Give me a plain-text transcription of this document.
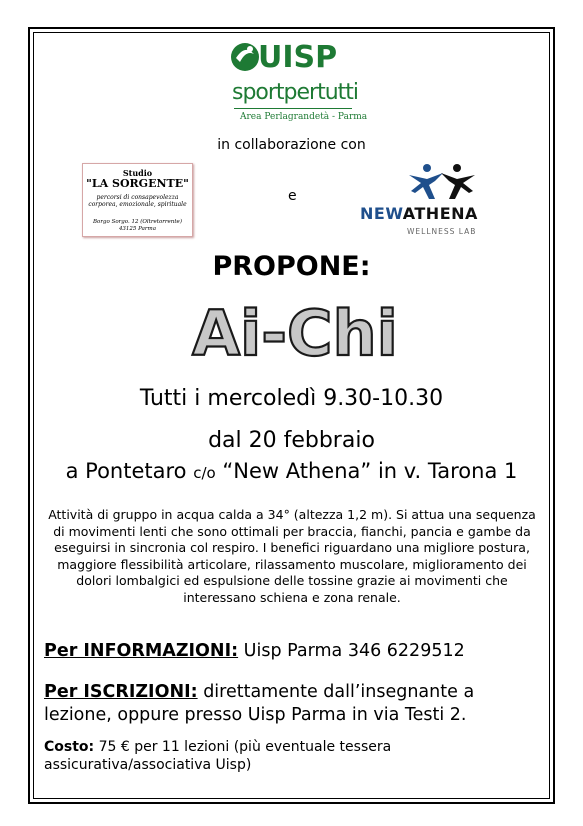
UISP
sportpertutti
Area Perlagrandetà - Parma
in collaborazione con
Studio
"LA SORGENTE"
percorsi di consapevolezza
corporea, emozionale, spirituale
Borgo Sorgo. 12 (Oltretorrente)
43125 Parma
e
NEWATHENA
WELLNESS LAB
PROPONE:
Ai-Chi
Tutti i mercoledì 9.30-10.30
dal 20 febbraio
a Pontetaro c/o “New Athena” in v. Tarona 1
Attività di gruppo in acqua calda a 34° (altezza 1,2 m). Si attua una sequenza di movimenti lenti che sono ottimali per braccia, fianchi, pancia e gambe da eseguirsi in sincronia col respiro. I benefici riguardano una migliore postura, maggiore flessibilità articolare, rilassamento muscolare, miglioramento dei dolori lombalgici ed espulsione delle tossine grazie ai movimenti che interessano schiena e zona renale.
Per INFORMAZIONI: Uisp Parma 346 6229512
Per ISCRIZIONI: direttamente dall’insegnante a lezione, oppure presso Uisp Parma in via Testi 2.
Costo: 75 € per 11 lezioni (più eventuale tessera assicurativa/associativa Uisp)
